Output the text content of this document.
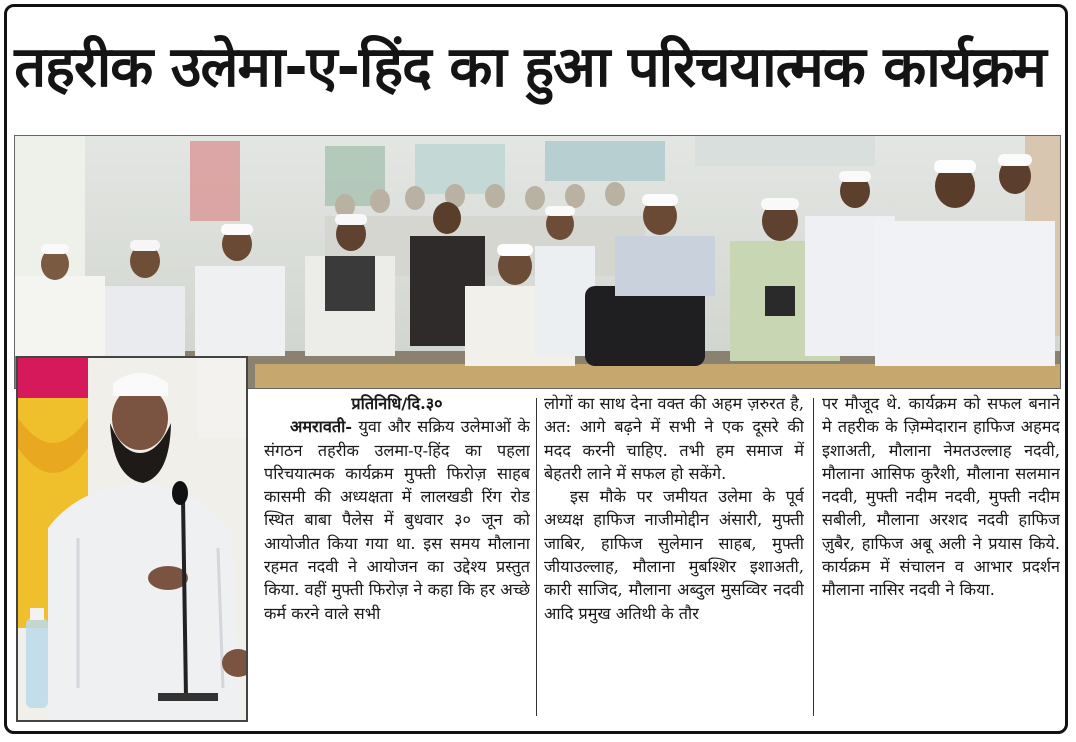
तहरीक उलेमा-ए-हिंद का हुआ परिचयात्मक कार्यक्रम

प्रतिनिधि/दि.३०

अमरावती- युवा और सक्रिय उलेमाओं के संगठन तहरीक उलमा-ए-हिंद का पहला परिचयात्मक कार्यक्रम मुफ्ती फिरोज़ साहब कासमी की अध्यक्षता में लालखडी रिंग रोड स्थित बाबा पैलेस में बुधवार ३० जून को आयोजीत किया गया था. इस समय मौलाना रहमत नदवी ने आयोजन का उद्देश्य प्रस्तुत किया. वहीं मुफ्ती फिरोज़ ने कहा कि हर अच्छे कर्म करने वाले सभी

लोगों का साथ देना वक्त की अहम ज़रुरत है, अत: आगे बढ़ने में सभी ने एक दूसरे की मदद करनी चाहिए. तभी हम समाज में बेहतरी लाने में सफल हो सकेंगे.

इस मौके पर जमीयत उलेमा के पूर्व अध्यक्ष हाफिज नाजीमोद्दीन अंसारी, मुफ्ती जाबिर, हाफिज सुलेमान साहब, मुफ्ती जीयाउल्लाह, मौलाना मुबश्शिर इशाअती, कारी साजिद, मौलाना अब्दुल मुसव्विर नदवी आदि प्रमुख अतिथी के तौर

पर मौजूद थे. कार्यक्रम को सफल बनाने मे तहरीक के ज़िम्मेदारान हाफिज अहमद इशाअती, मौलाना नेमतउल्लाह नदवी, मौलाना आसिफ कुरैशी, मौलाना सलमान नदवी, मुफ्ती नदीम नदवी, मुफ्ती नदीम सबीली, मौलाना अरशद नदवी हाफिज ज़ुबैर, हाफिज अबू अली ने प्रयास किये. कार्यक्रम में संचालन व आभार प्रदर्शन मौलाना नासिर नदवी ने किया.
